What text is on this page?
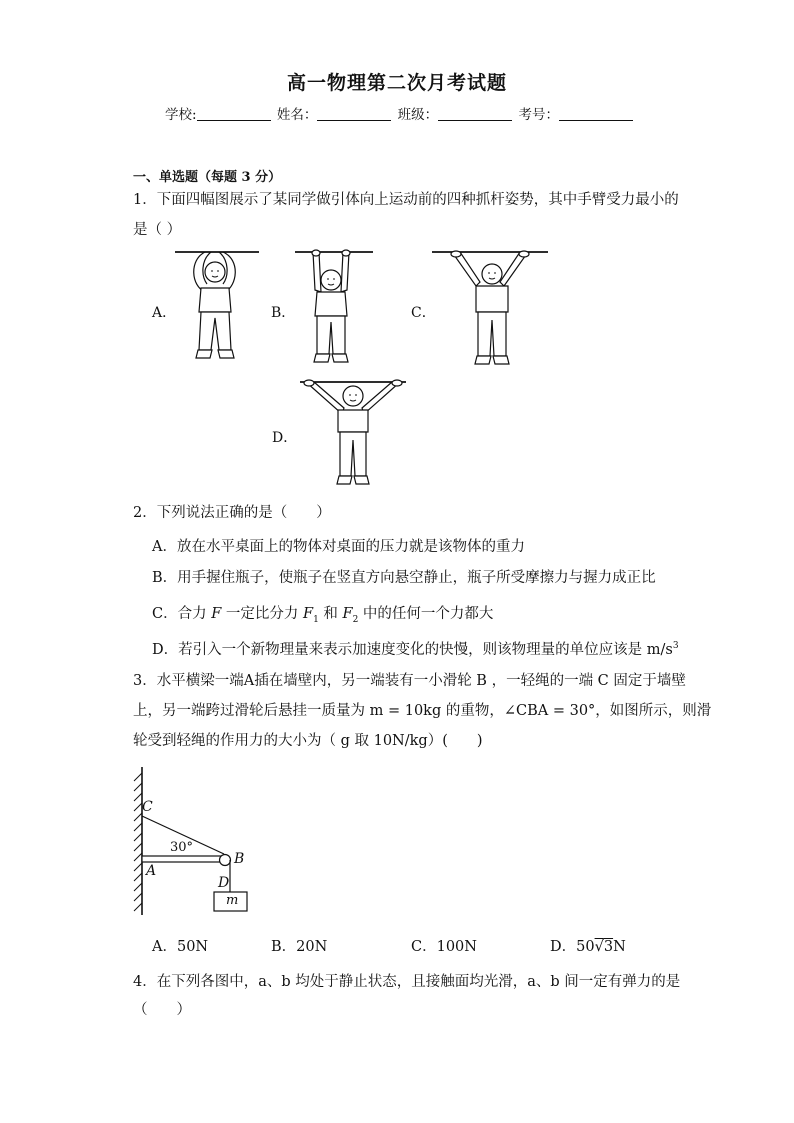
高一物理第二次月考试题
学校:	姓名：	班级：	考号：
一、单选题（每题 3 分）
1．下面四幅图展示了某同学做引体向上运动前的四种抓杆姿势，其中手臂受力最小的
是（ ）
A．	B．	C．
D．
2．下列说法正确的是（　　）
A．放在水平桌面上的物体对桌面的压力就是该物体的重力
B．用手握住瓶子，使瓶子在竖直方向悬空静止，瓶子所受摩擦力与握力成正比
C．合力 F 一定比分力 $F_1$ 和 $F_2$ 中的任何一个力都大
D．若引入一个新物理量来表示加速度变化的快慢，则该物理量的单位应该是 $m/s^3$
3．水平横梁一端A插在墙壁内，另一端装有一小滑轮 B ，一轻绳的一端 C 固定于墙壁
上，另一端跨过滑轮后悬挂一质量为 m = 10kg 的重物，∠CBA = 30°，如图所示，则滑
轮受到轻绳的作用力的大小为（ g 取 10N/kg）(　　)
C
30°
A
B
D
m
A．50N	B．20N	C．100N	D．50√3N
4．在下列各图中，a、b 均处于静止状态，且接触面均光滑，a、b 间一定有弹力的是
（　　）
